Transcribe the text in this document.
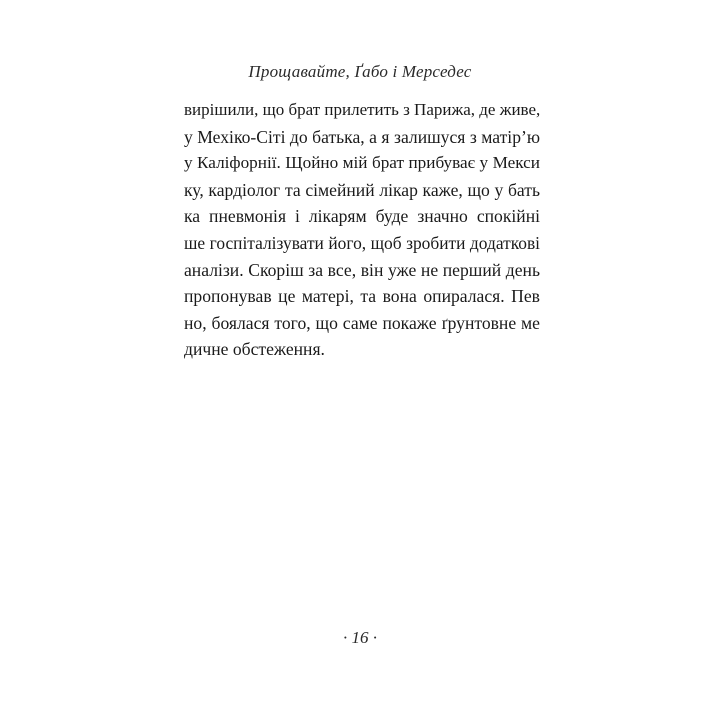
Прощавайте, Ґабо і Мерседес
вирішили, що брат прилетить з Парижа, де живе,
у Мехіко-Сіті до батька, а я залишуся з матір’ю
у Каліфорнії. Щойно мій брат прибуває у Мекси
ку, кардіолог та сімейний лікар каже, що у бать
ка пневмонія і лікарям буде значно спокійні
ше госпіталізувати його, щоб зробити додаткові
аналізи. Скоріш за все, він уже не перший день
пропонував це матері, та вона опиралася. Пев
но, боялася того, що саме покаже ґрунтовне ме
дичне обстеження.
· 16 ·
